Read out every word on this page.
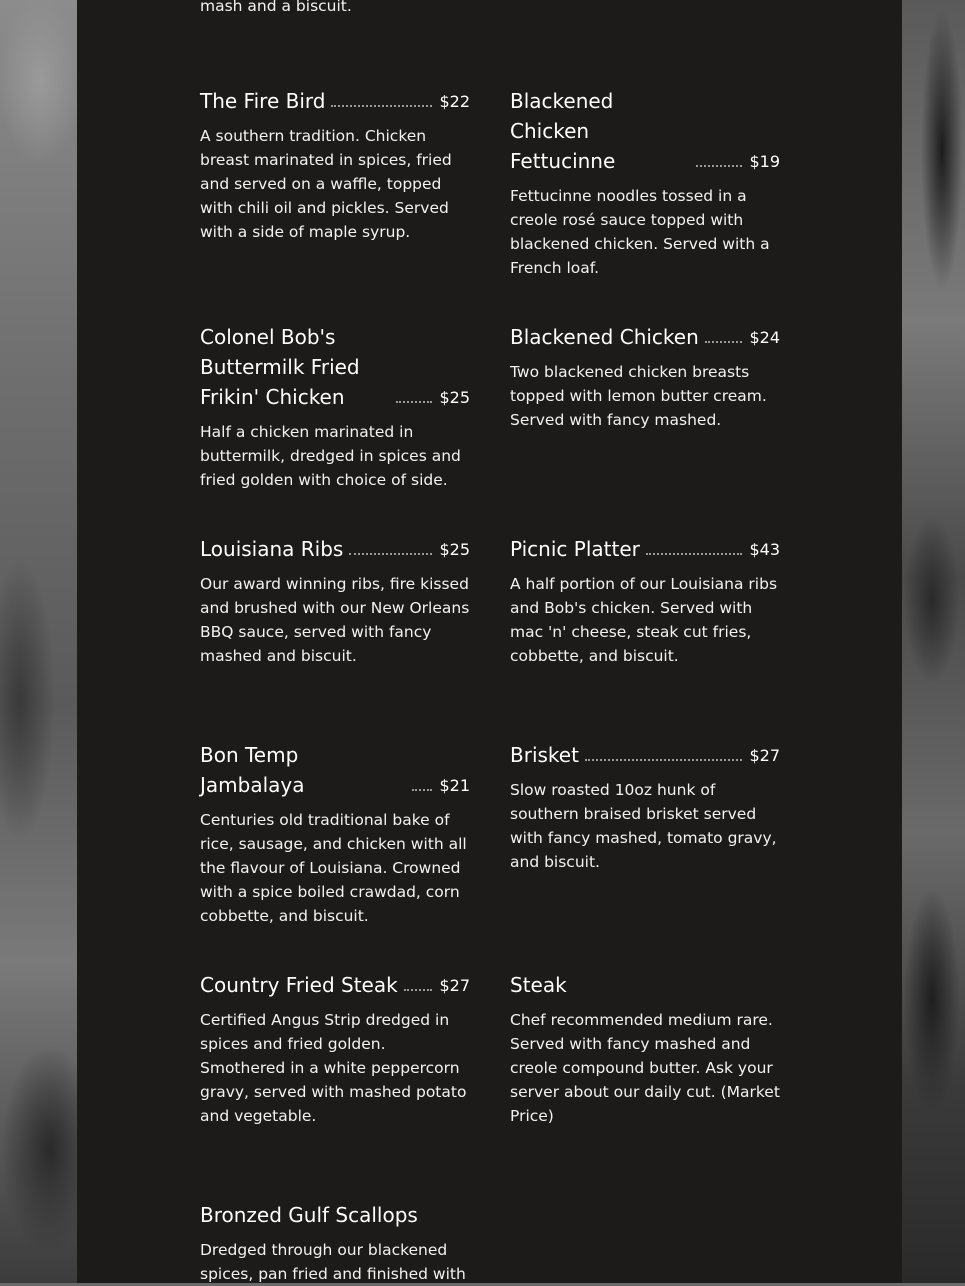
mash and a biscuit.
The Fire Bird	$22
A southern tradition. Chicken breast marinated in spices, fried and served on a waffle, topped with chili oil and pickles. Served with a side of maple syrup.
Blackened Chicken Fettucinne	$19
Fettucinne noodles tossed in a creole rosé sauce topped with blackened chicken. Served with a French loaf.
Colonel Bob's Buttermilk Fried Frikin' Chicken	$25
Half a chicken marinated in buttermilk, dredged in spices and fried golden with choice of side.
Blackened Chicken	$24
Two blackened chicken breasts topped with lemon butter cream. Served with fancy mashed.
Louisiana Ribs	$25
Our award winning ribs, fire kissed and brushed with our New Orleans BBQ sauce, served with fancy mashed and biscuit.
Picnic Platter	$43
A half portion of our Louisiana ribs and Bob's chicken. Served with mac 'n' cheese, steak cut fries, cobbette, and biscuit.
Bon Temp Jambalaya	$21
Centuries old traditional bake of rice, sausage, and chicken with all the flavour of Louisiana. Crowned with a spice boiled crawdad, corn cobbette, and biscuit.
Brisket	$27
Slow roasted 10oz hunk of southern braised brisket served with fancy mashed, tomato gravy, and biscuit.
Country Fried Steak	$27
Certified Angus Strip dredged in spices and fried golden. Smothered in a white peppercorn gravy, served with mashed potato and vegetable.
Steak
Chef recommended medium rare. Served with fancy mashed and creole compound butter. Ask your server about our daily cut. (Market Price)
Bronzed Gulf Scallops
Dredged through our blackened spices, pan fried and finished with
